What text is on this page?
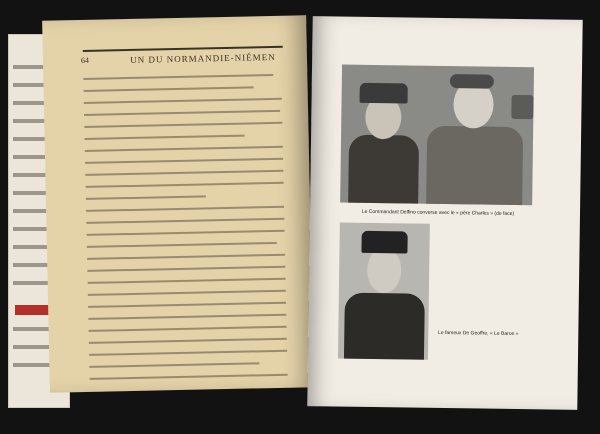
64	UN DU NORMANDIE-NIÉMEN
Le Commandant Delfino converse avec le « père Charles » (de face)
Le fameux De Geoffre, « Le Baron »
